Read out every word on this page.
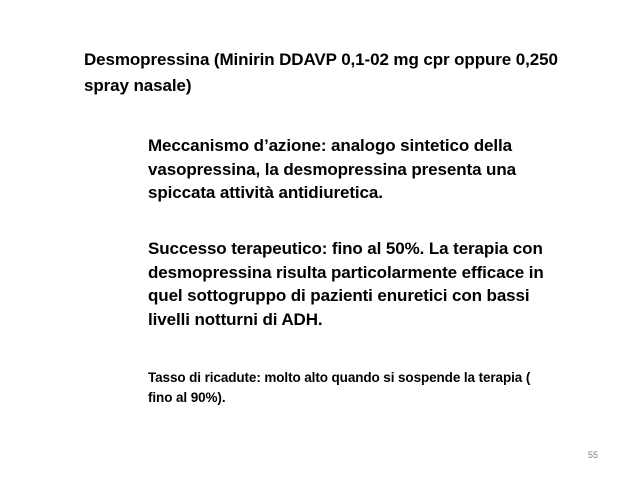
Desmopressina (Minirin DDAVP 0,1-02 mg cpr oppure 0,250 spray nasale)
Meccanismo d’azione: analogo sintetico della vasopressina, la desmopressina presenta una spiccata attività antidiuretica.
Successo terapeutico: fino al 50%. La terapia con desmopressina risulta particolarmente efficace in quel sottogruppo di pazienti enuretici con bassi livelli notturni di ADH.
Tasso di ricadute: molto alto quando si sospende la terapia ( fino al 90%).
55
